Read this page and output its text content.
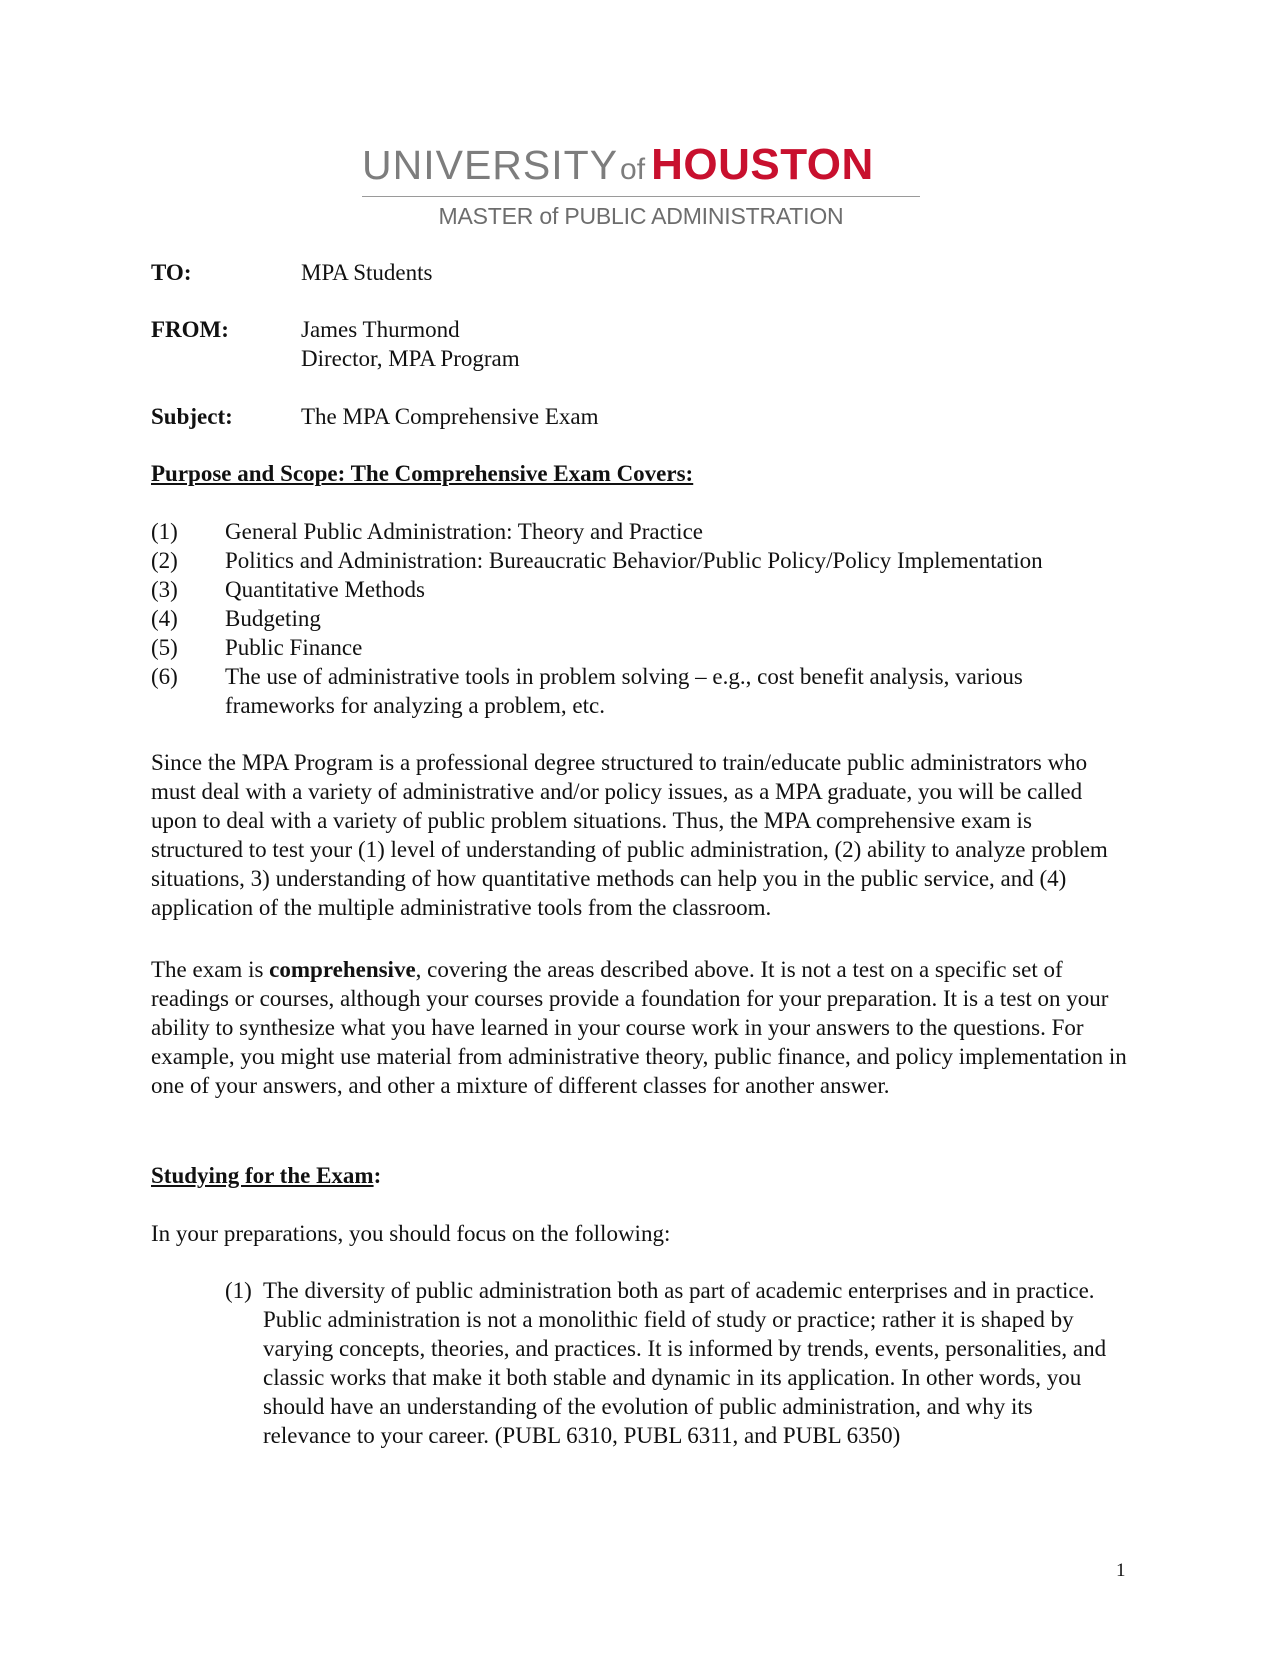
UNIVERSITYof HOUSTON
MASTER of PUBLIC ADMINISTRATION
TO:	MPA Students
FROM:	James Thurmond
Director, MPA Program
Subject:	The MPA Comprehensive Exam
Purpose and Scope: The Comprehensive Exam Covers:
(1) General Public Administration: Theory and Practice
(2) Politics and Administration: Bureaucratic Behavior/Public Policy/Policy Implementation
(3) Quantitative Methods
(4) Budgeting
(5) Public Finance
(6) The use of administrative tools in problem solving – e.g., cost benefit analysis, various frameworks for analyzing a problem, etc.
Since the MPA Program is a professional degree structured to train/educate public administrators who must deal with a variety of administrative and/or policy issues, as a MPA graduate, you will be called upon to deal with a variety of public problem situations. Thus, the MPA comprehensive exam is structured to test your (1) level of understanding of public administration, (2) ability to analyze problem situations, 3) understanding of how quantitative methods can help you in the public service, and (4) application of the multiple administrative tools from the classroom.
The exam is comprehensive, covering the areas described above. It is not a test on a specific set of readings or courses, although your courses provide a foundation for your preparation. It is a test on your ability to synthesize what you have learned in your course work in your answers to the questions. For example, you might use material from administrative theory, public finance, and policy implementation in one of your answers, and other a mixture of different classes for another answer.
Studying for the Exam:
In your preparations, you should focus on the following:
(1) The diversity of public administration both as part of academic enterprises and in practice. Public administration is not a monolithic field of study or practice; rather it is shaped by varying concepts, theories, and practices. It is informed by trends, events, personalities, and classic works that make it both stable and dynamic in its application. In other words, you should have an understanding of the evolution of public administration, and why its relevance to your career. (PUBL 6310, PUBL 6311, and PUBL 6350)
1
